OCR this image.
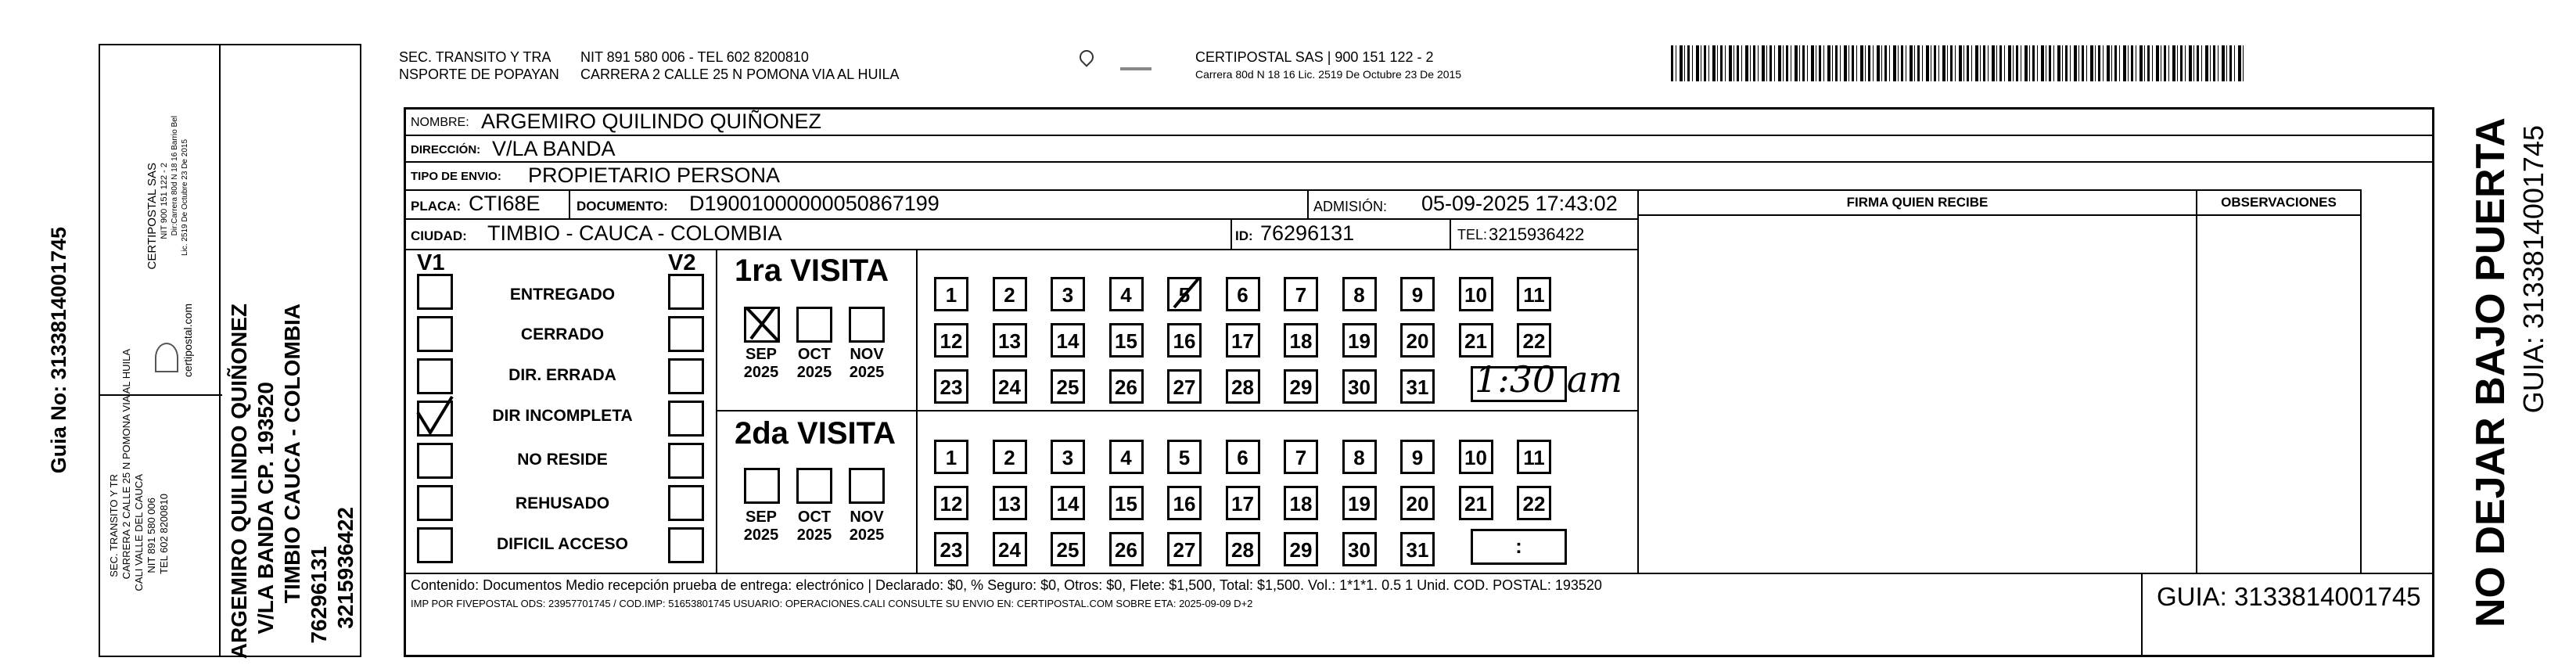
Guia No: 3133814001745
CERTIPOSTAL SAS NIT 900 151 122 - 2 Dir:Carrera 80d N 18 16 Barrio Bel Lic. 2519 De Octubre 23 De 2015
certipostal.com
SEC. TRANSITO Y TR CARRERA 2 CALLE 25 N POMONA VIA AL HUILA CALI VALLE DEL CAUCA NIT 891 580 006 TEL 602 8200810	ARGEMIRO QUILINDO QUIÑONEZ V/LA BANDA CP. 193520 TIMBIO CAUCA - COLOMBIA 76296131 3215936422
SEC. TRANSITO Y TRA
NSPORTE DE POPAYAN
NIT 891 580 006 - TEL 602 8200810
CARRERA 2 CALLE 25 N POMONA VIA AL HUILA
CERTIPOSTAL SAS | 900 151 122 - 2
Carrera 80d N 18 16 Lic. 2519 De Octubre 23 De 2015
NOMBRE: ARGEMIRO QUILINDO QUIÑONEZ
DIRECCIÓN: V/LA BANDA
TIPO DE ENVIO: PROPIETARIO PERSONA
PLACA: CTI68E	DOCUMENTO: D19001000000050867199	ADMISIÓN: 05-09-2025 17:43:02
CIUDAD: TIMBIO - CAUCA - COLOMBIA	ID: 76296131	TEL: 3215936422
FIRMA QUIEN RECIBE	OBSERVACIONES
V1	V2
ENTREGADO
CERRADO
DIR. ERRADA
DIR INCOMPLETA
NO RESIDE
REHUSADO
DIFICIL ACCESO
1ra VISITA
SEP
2025
OCT
2025
NOV
2025
1	2	3	4	5	6	7	8	9	10	11
12 13 14 15 16 17 18 19 20 21 22
23 24 25 26 27 28 29 30 31 1:30 am
2da VISITA
SEP
2025
OCT
2025
NOV
2025
1	2	3	4	5	6	7	8	9	10	11
12 13 14 15 16 17 18 19 20 21 22
23 24 25 26 27 28 29 30 31	:
Contenido: Documentos Medio recepción prueba de entrega: electrónico | Declarado: $0, % Seguro: $0, Otros: $0, Flete: $1,500, Total: $1,500. Vol.: 1*1*1. 0.5 1 Unid. COD. POSTAL: 193520
IMP POR FIVEPOSTAL ODS: 23957701745 / COD.IMP: 51653801745 USUARIO: OPERACIONES.CALI CONSULTE SU ENVIO EN: CERTIPOSTAL.COM SOBRE ETA: 2025-09-09 D+2	GUIA: 3133814001745 NO DEJAR BAJO PUERTA GUIA: 3133814001745
